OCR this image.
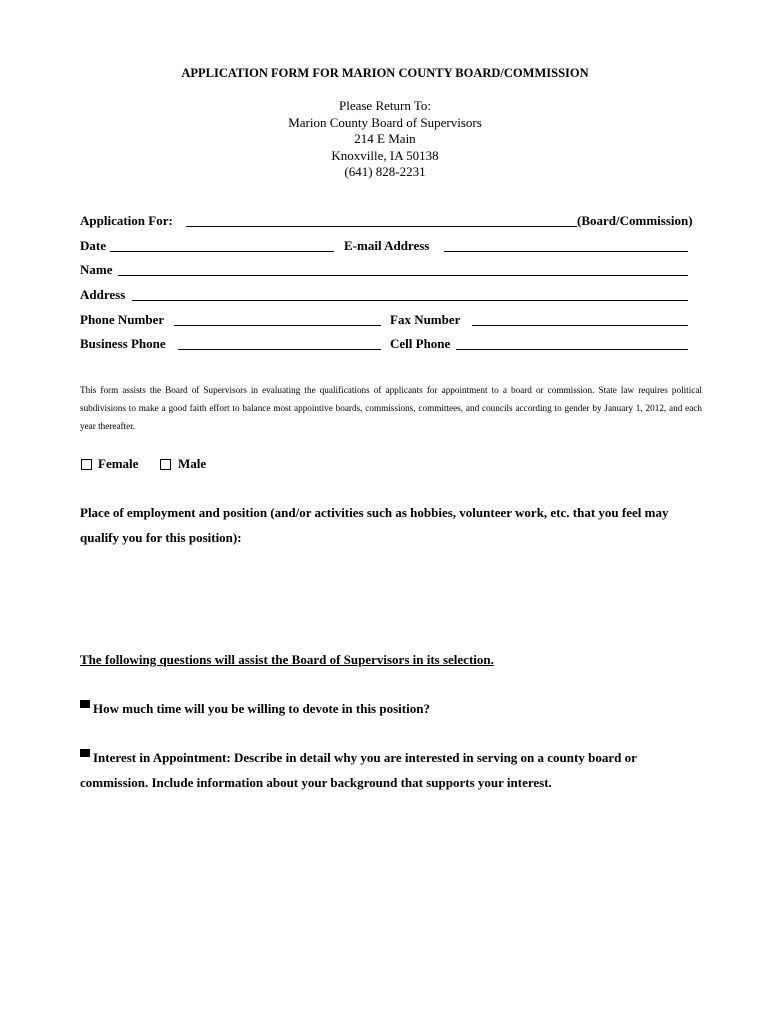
APPLICATION FORM FOR MARION COUNTY BOARD/COMMISSION
Please Return To:
Marion County Board of Supervisors
214 E Main
Knoxville, IA 50138
(641) 828-2231
Application For:	(Board/Commission)
Date	E-mail Address
Name
Address
Phone Number	Fax Number
Business Phone	Cell Phone
This form assists the Board of Supervisors in evaluating the qualifications of applicants for appointment to a board or commission. State law requires political subdivisions to make a good faith effort to balance most appointive boards, commissions, committees, and councils according to gender by January 1, 2012, and each year thereafter.
Female	Male
Place of employment and position (and/or activities such as hobbies, volunteer work, etc. that you feel may qualify you for this position):
The following questions will assist the Board of Supervisors in its selection.
How much time will you be willing to devote in this position?
Interest in Appointment: Describe in detail why you are interested in serving on a county board or commission. Include information about your background that supports your interest.
